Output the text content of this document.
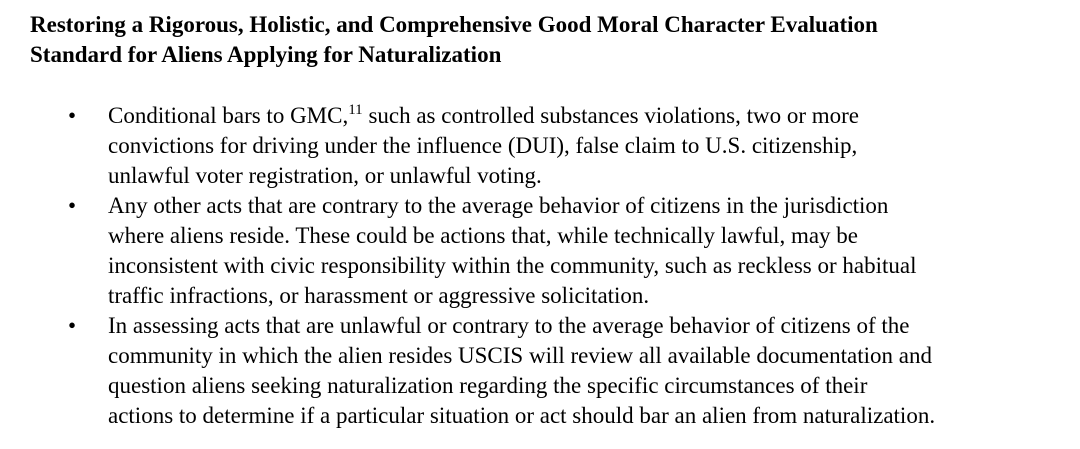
Restoring a Rigorous, Holistic, and Comprehensive Good Moral Character Evaluation
Standard for Aliens Applying for Naturalization
• Conditional bars to GMC,$^{11}$ such as controlled substances violations, two or more
convictions for driving under the influence (DUI), false claim to U.S. citizenship,
unlawful voter registration, or unlawful voting.
• Any other acts that are contrary to the average behavior of citizens in the jurisdiction
where aliens reside. These could be actions that, while technically lawful, may be
inconsistent with civic responsibility within the community, such as reckless or habitual
traffic infractions, or harassment or aggressive solicitation.
• In assessing acts that are unlawful or contrary to the average behavior of citizens of the
community in which the alien resides USCIS will review all available documentation and
question aliens seeking naturalization regarding the specific circumstances of their
actions to determine if a particular situation or act should bar an alien from naturalization.
